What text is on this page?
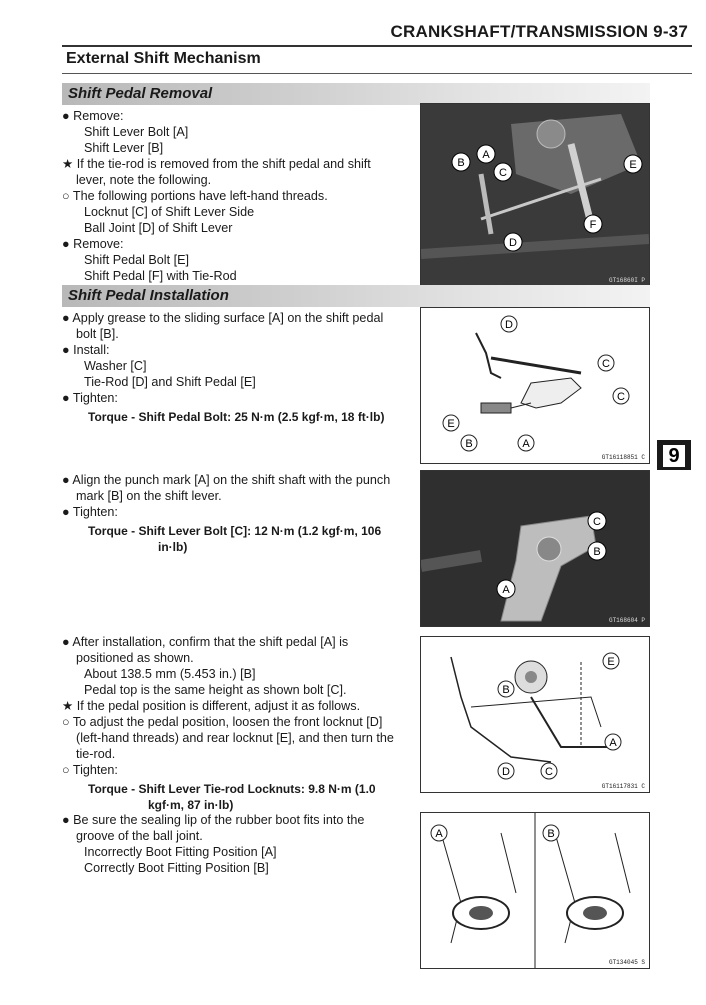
CRANKSHAFT/TRANSMISSION 9-37
External Shift Mechanism
Shift Pedal Removal

● Remove:

Shift Lever Bolt [A]

Shift Lever [B]

★ If the tie-rod is removed from the shift pedal and shift lever, note the following.

○ The following portions have left-hand threads.

Locknut [C] of Shift Lever Side

Ball Joint [D] of Shift Lever

● Remove:

Shift Pedal Bolt [E]

Shift Pedal [F] with Tie-Rod

B
A
C
D
E
F
GT16860I P
Shift Pedal Installation

● Apply grease to the sliding surface [A] on the shift pedal bolt [B].

● Install:

Washer [C]

Tie-Rod [D] and Shift Pedal [E]

● Tighten:

Torque - Shift Pedal Bolt: 25 N·m (2.5 kgf·m, 18 ft·lb)

D
C
C
E
B	A
GT16118851 C	9

● Align the punch mark [A] on the shift shaft with the punch mark [B] on the shift lever.

● Tighten:

Torque - Shift Lever Bolt [C]: 12 N·m (1.2 kgf·m, 106

in·lb)

C
B
A
GT168604 P

● After installation, confirm that the shift pedal [A] is positioned as shown.

About 138.5 mm (5.453 in.) [B]

Pedal top is the same height as shown bolt [C].

★ If the pedal position is different, adjust it as follows.

○ To adjust the pedal position, loosen the front locknut [D] (left-hand threads) and rear locknut [E], and then turn the tie-rod.

○ Tighten:

Torque - Shift Lever Tie-rod Locknuts: 9.8 N·m (1.0

kgf·m, 87 in·lb)

E
B
A
D	C
GT16117831 C

● Be sure the sealing lip of the rubber boot fits into the groove of the ball joint.

Incorrectly Boot Fitting Position [A]

Correctly Boot Fitting Position [B]

A	B
GT134045 S
